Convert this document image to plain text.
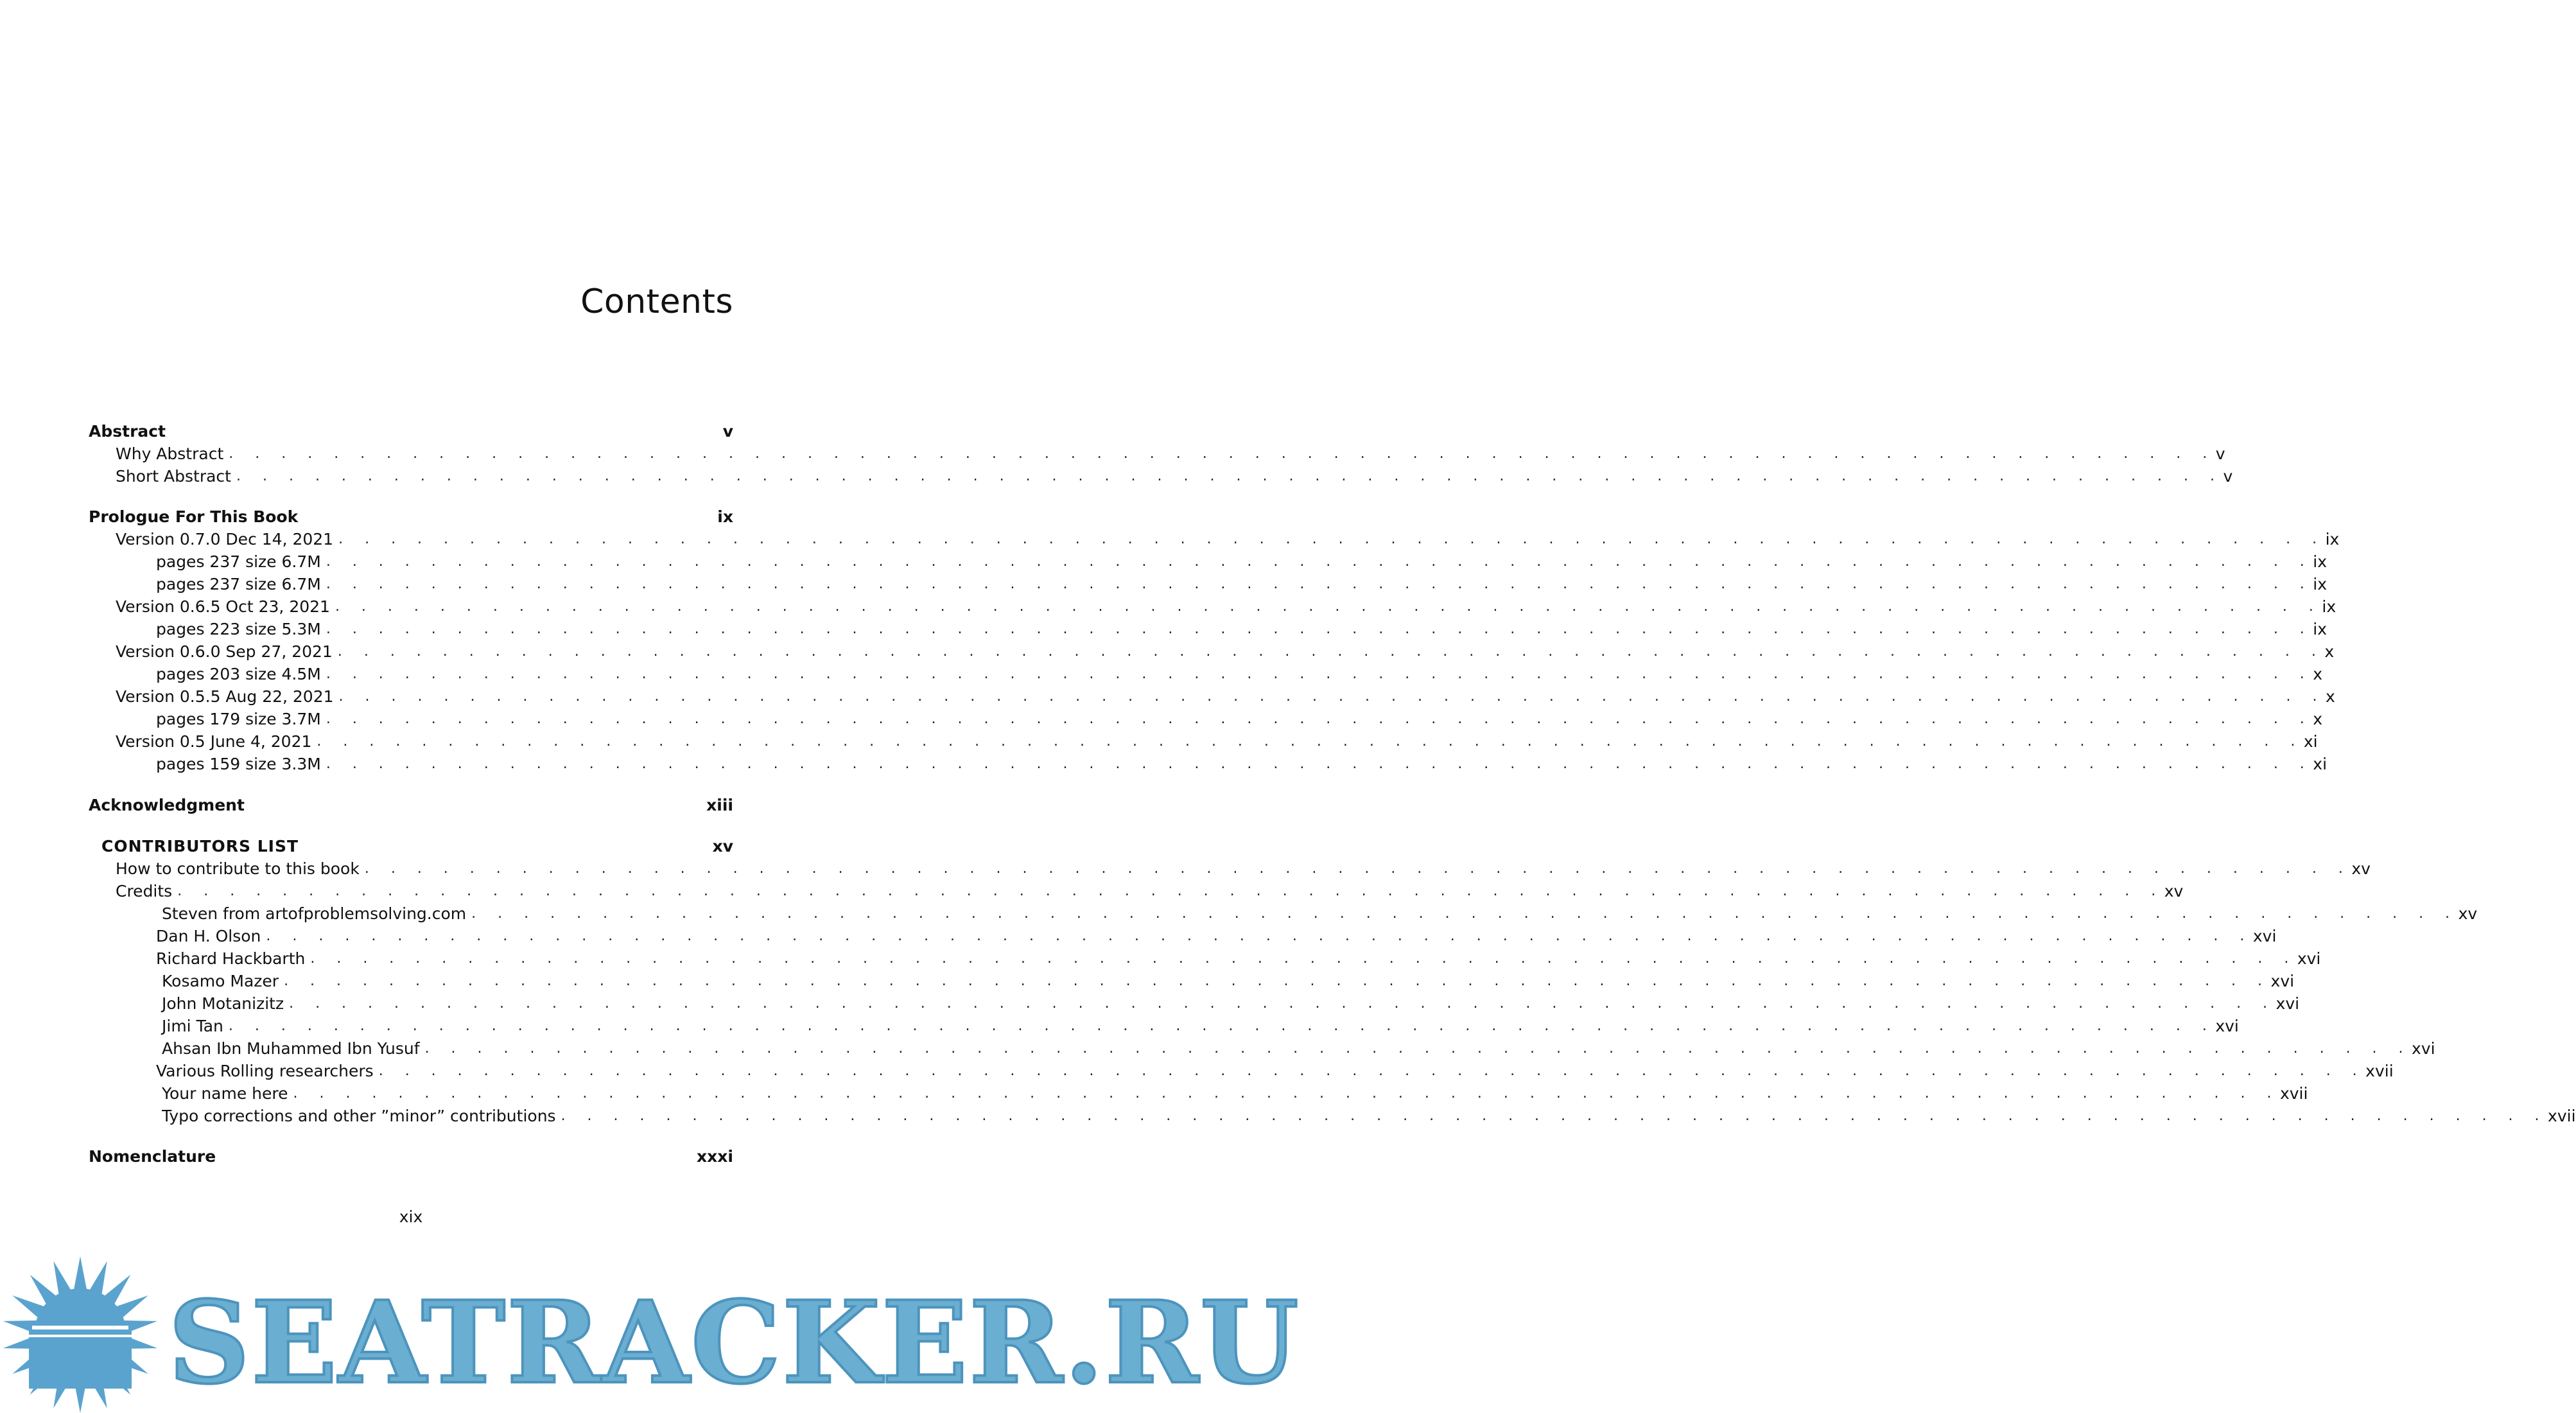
Contents
Abstract	v
Why Abstract . . .	v
Short Abstract . . .	v
Prologue For This Book	ix
Version 0.7.0 Dec 14, 2021 . . .	ix
pages 237 size 6.7M . . .	ix
pages 237 size 6.7M . . .	ix
Version 0.6.5 Oct 23, 2021 . . .	ix
pages 223 size 5.3M . . .	ix
Version 0.6.0 Sep 27, 2021 . . .	x
pages 203 size 4.5M . . .	x
Version 0.5.5 Aug 22, 2021 . . .	x
pages 179 size 3.7M . . .	x
Version 0.5 June 4, 2021 . . .	xi
pages 159 size 3.3M . . .	xi
Acknowledgment	xiii
CONTRIBUTORS LIST	xv
How to contribute to this book . . .	xv
Credits . . .	xv
Steven from artofproblemsolving.com . . .	xv
Dan H. Olson . . .	xvi
Richard Hackbarth . . .	xvi
Kosamo Mazer . . .	xvi
John Motanizitz . . .	xvi
Jimi Tan . . .	xvi
Ahsan Ibn Muhammed Ibn Yusuf . . .	xvi
Various Rolling researchers . . .	xvii
Your name here . . .	xvii
Typo corrections and other ”minor” contributions . . .	xvii
Nomenclature	xxxi
xix
SEATRACKER.RU
